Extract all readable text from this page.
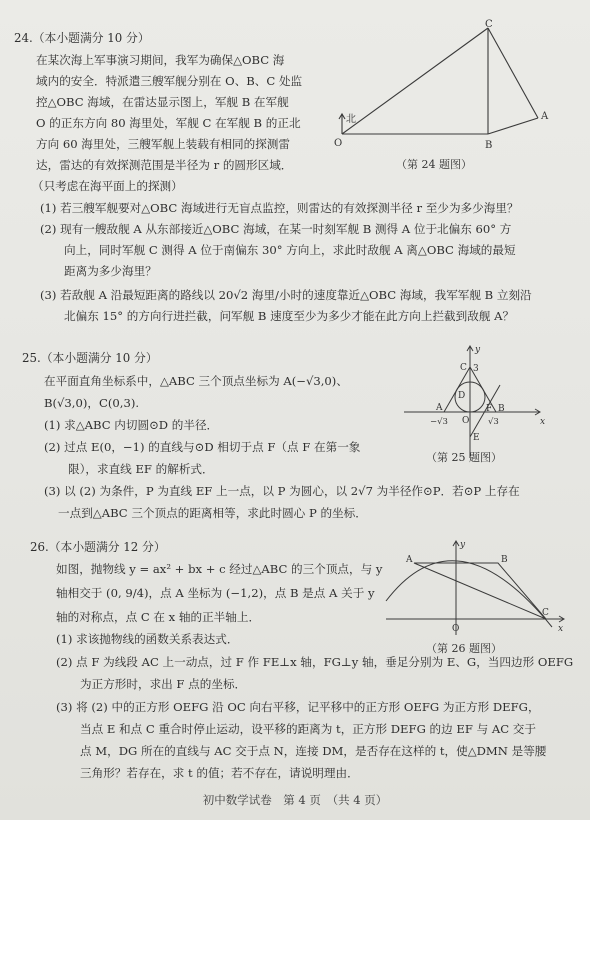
24.（本小题满分 10 分）
在某次海上军事演习期间，我军为确保△OBC 海
域内的安全．特派遣三艘军舰分别在 O、B、C 处监
控△OBC 海域，在雷达显示图上，军舰 B 在军舰
O 的正东方向 80 海里处，军舰 C 在军舰 B 的正北
方向 60 海里处，三艘军舰上装载有相同的探测雷
达，雷达的有效探测范围是半径为 r 的圆形区域．
（只考虑在海平面上的探测）
(1) 若三艘军舰要对△OBC 海域进行无盲点监控，则雷达的有效探测半径 r 至少为多少海里？
(2) 现有一艘敌舰 A 从东部接近△OBC 海域，在某一时刻军舰 B 测得 A 位于北偏东 60° 方
向上，同时军舰 C 测得 A 位于南偏东 30° 方向上，求此时敌舰 A 离△OBC 海域的最短
距离为多少海里？
(3) 若敌舰 A 沿最短距离的路线以 20√2 海里/小时的速度靠近△OBC 海域，我军军舰 B 立刻沿
北偏东 15° 的方向行进拦截，问军舰 B 速度至少为多少才能在此方向上拦截到敌舰 A？
C
A
O	B
北
（第 24 题图）
25.（本小题满分 10 分）
在平面直角坐标系中，△ABC 三个顶点坐标为 A(−√3,0)、
B(√3,0)，C(0,3).
(1) 求△ABC 内切圆⊙D 的半径．
(2) 过点 E(0，−1) 的直线与⊙D 相切于点 F（点 F 在第一象
限），求直线 EF 的解析式．
(3) 以 (2) 为条件，P 为直线 EF 上一点，以 P 为圆心，以 2√7 为半径作⊙P．若⊙P 上存在
一点到△ABC 三个顶点的距离相等，求此时圆心 P 的坐标．
y
x
C 3
D
A
O
F B
E
−√3	√3
（第 25 题图）
26.（本小题满分 12 分）
如图，抛物线 y = ax² + bx + c 经过△ABC 的三个顶点，与 y
轴相交于 (0, 9/4)，点 A 坐标为 (−1,2)，点 B 是点 A 关于 y
轴的对称点，点 C 在 x 轴的正半轴上．
(1) 求该抛物线的函数关系表达式．
(2) 点 F 为线段 AC 上一动点，过 F 作 FE⊥x 轴，FG⊥y 轴，垂足分别为 E、G，当四边形 OEFG
为正方形时，求出 F 点的坐标．
(3) 将 (2) 中的正方形 OEFG 沿 OC 向右平移，记平移中的正方形 OEFG 为正方形 DEFG，
当点 E 和点 C 重合时停止运动，设平移的距离为 t，正方形 DEFG 的边 EF 与 AC 交于
点 M，DG 所在的直线与 AC 交于点 N，连接 DM，是否存在这样的 t，使△DMN 是等腰
三角形？若存在，求 t 的值；若不存在，请说明理由．
y
A	B
O
C
x
（第 26 题图）
初中数学试卷　第 4 页　（共 4 页）
